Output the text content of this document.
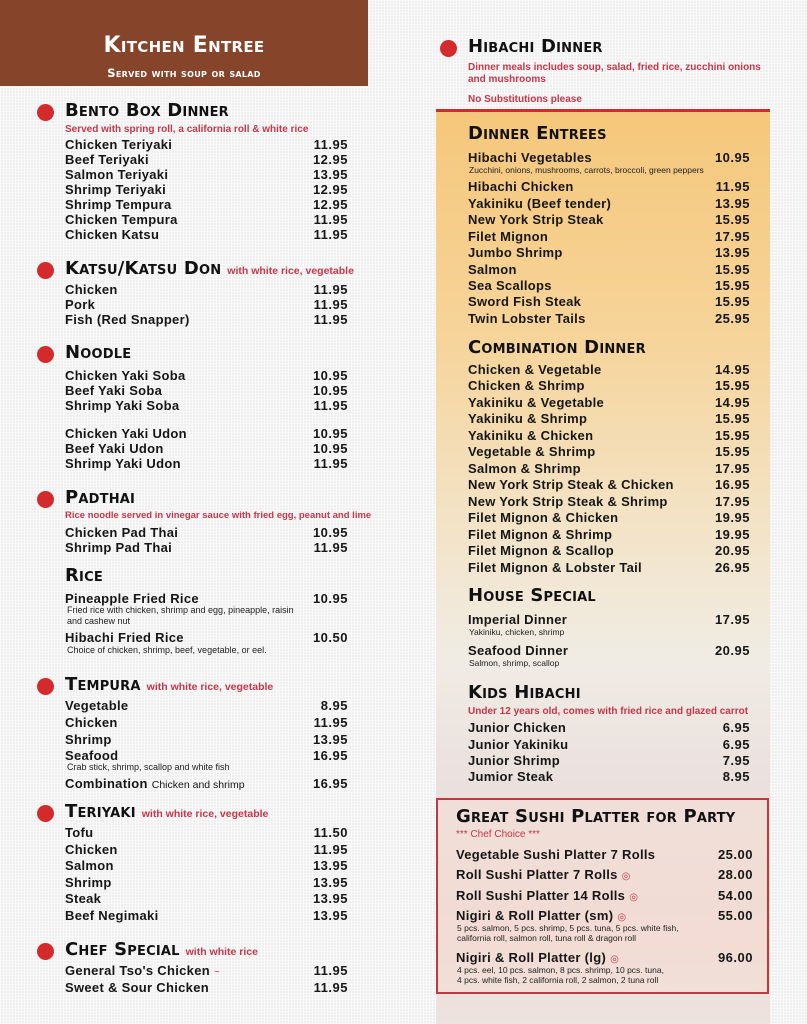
Kitchen Entree
Served with soup or salad
Bento Box Dinner
Served with spring roll, a california roll & white rice
Chicken Teriyaki	11.95
Beef Teriyaki	12.95
Salmon Teriyaki	13.95
Shrimp Teriyaki	12.95
Shrimp Tempura	12.95
Chicken Tempura	11.95
Chicken Katsu	11.95
Katsu/Katsu Don with white rice, vegetable
Chicken	11.95
Pork	11.95
Fish (Red Snapper)	11.95
Noodle
Chicken Yaki Soba	10.95
Beef Yaki Soba	10.95
Shrimp Yaki Soba	11.95
Chicken Yaki Udon	10.95
Beef Yaki Udon	10.95
Shrimp Yaki Udon	11.95
Padthai
Rice noodle served in vinegar sauce with fried egg, peanut and lime
Chicken Pad Thai	10.95
Shrimp Pad Thai	11.95
Rice
Pineapple Fried Rice	10.95
Fried rice with chicken, shrimp and egg, pineapple, raisin
and cashew nut
Hibachi Fried Rice	10.50
Choice of chicken, shrimp, beef, vegetable, or eel.
Tempura with white rice, vegetable
Vegetable	8.95
Chicken	11.95
Shrimp	13.95
Seafood	16.95
Crab stick, shrimp, scallop and white fish
Combination Chicken and shrimp	16.95
Teriyaki with white rice, vegetable
Tofu	11.50
Chicken	11.95
Salmon	13.95
Shrimp	13.95
Steak	13.95
Beef Negimaki	13.95
Chef Special with white rice
General Tso's Chicken ~	11.95
Sweet & Sour Chicken	11.95
Hibachi Dinner
Dinner meals includes soup, salad, fried rice, zucchini onions
and mushrooms
No Substitutions please
Dinner Entrees
Hibachi Vegetables	10.95
Zucchini, onions, mushrooms, carrots, broccoli, green peppers
Hibachi Chicken	11.95
Yakiniku (Beef tender)	13.95
New York Strip Steak	15.95
Filet Mignon	17.95
Jumbo Shrimp	13.95
Salmon	15.95
Sea Scallops	15.95
Sword Fish Steak	15.95
Twin Lobster Tails	25.95
Combination Dinner
Chicken & Vegetable	14.95
Chicken & Shrimp	15.95
Yakiniku & Vegetable	14.95
Yakiniku & Shrimp	15.95
Yakiniku & Chicken	15.95
Vegetable & Shrimp	15.95
Salmon & Shrimp	17.95
New York Strip Steak & Chicken	16.95
New York Strip Steak & Shrimp	17.95
Filet Mignon & Chicken	19.95
Filet Mignon & Shrimp	19.95
Filet Mignon & Scallop	20.95
Filet Mignon & Lobster Tail	26.95
House Special
Imperial Dinner	17.95
Yakiniku, chicken, shrimp
Seafood Dinner	20.95
Salmon, shrimp, scallop
Kids Hibachi
Under 12 years old, comes with fried rice and glazed carrot
Junior Chicken	6.95
Junior Yakiniku	6.95
Junior Shrimp	7.95
Jumior Steak	8.95
Great Sushi Platter for Party
*** Chef Choice ***
Vegetable Sushi Platter 7 Rolls	25.00
Roll Sushi Platter 7 Rolls ◎	28.00
Roll Sushi Platter 14 Rolls ◎	54.00
Nigiri & Roll Platter (sm) ◎	55.00
5 pcs. salmon, 5 pcs. shrimp, 5 pcs. tuna, 5 pcs. white fish,
california roll, salmon roll, tuna roll & dragon roll
Nigiri & Roll Platter (lg) ◎	96.00
4 pcs. eel, 10 pcs. salmon, 8 pcs. shrimp, 10 pcs. tuna,
4 pcs. white fish, 2 california roll, 2 salmon, 2 tuna roll
